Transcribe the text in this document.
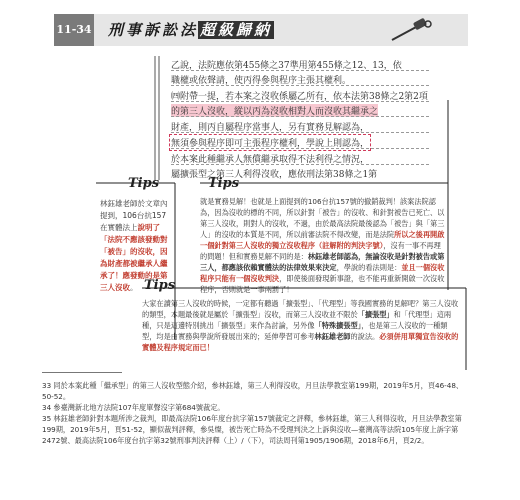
11-34 刑事訴訟法 超級歸納
乙說，法院應依第455條之37準用第455條之12、13，依
職權或依聲請，使丙得參與程序主張其權利。
㈣附帶一提，若本案之沒收係屬乙所有，依本法第38條之2第2項
的第三人沒收，縱以丙為沒收相對人而沒收其繼承之
財產，則丙自屬程序當事人，另有實務見解認為，
無須參與程序即可主張程序權利，學說上則認為，
於本案此種繼承人無償繼承取得不法利得之情況，
屬擴張型之第三人利得沒收，應依刑法第38條之1第
Tips
林鈺雄老師於文章內提到，106台抗157在實體法上說明了「法院不應該發動對「被告」的沒收，因為財產都被繼承人繼承了！應發動的是第三人沒收。
Tips
就是實務見解！也就是上面提到的106台抗157號的撤銷裁判！該案法院認為，因為沒收的標的不同，所以針對「被告」的沒收、和針對被告已死亡、以第三人沒收，則對人的沒收，不過，由於最高法院最後認為「被告」與「第三人」的沒收的本質是不同，所以前審法院不得改變，而是法院所以之後再開啟一個針對第三人沒收的獨立沒收程序（註解附的判決字號），沒有一事不再理的問題！但和實務見解不同的是：林鈺雄老師認為，無論沒收是針對被告或第三人，都應該依賴實體法的法律效果來決定，學說的看法則是：並且一個沒收程序只能有一個沒收判決，即使後面發現新事證，也不能再重新開啟一次沒收程序，否則就是一事兩罰了！
Tips
大家在讀第三人沒收的時候，一定都有聽過「擴張型」、「代理型」等我國實務的見解吧？第三人沒收的類型，本題最後就是屬於「擴張型」沒收，而第三人沒收並不限於「擴張型」和「代理型」這兩種，只是這邊特別挑出「擴張型」來作為討論，另外像「特殊擴張型」，也是第三人沒收的一種類型，均是由實務與學說所發展出來的；延伸學習可參考林鈺雄老師的說法。必須併用單獨宣告沒收的實體及程序規定而已！
33 同於本案此種「繼承型」的第三人沒收型態介紹，參林鈺雄，第三人利得沒收，月旦法學教室第199期，2019年5月，頁46-48、50-52。
34 參臺灣新北地方法院107年度單聲沒字第684號裁定。
35 林鈺雄老師針對本題所涉之裁判，即最高法院106年度台抗字第157號裁定之評釋，參林鈺雄，第三人利得沒收，月旦法學教室第199期，2019年5月，頁51-52，顯似裁判評釋，參吳燦，被告死亡時為不受理判決之上訴與沒收—臺灣高等法院105年度上訴字第2472號、最高法院106年度台抗字第32號刑事判決評釋（上）/（下），司法周刊第1905/1906期，2018年6月，頁2/2。
